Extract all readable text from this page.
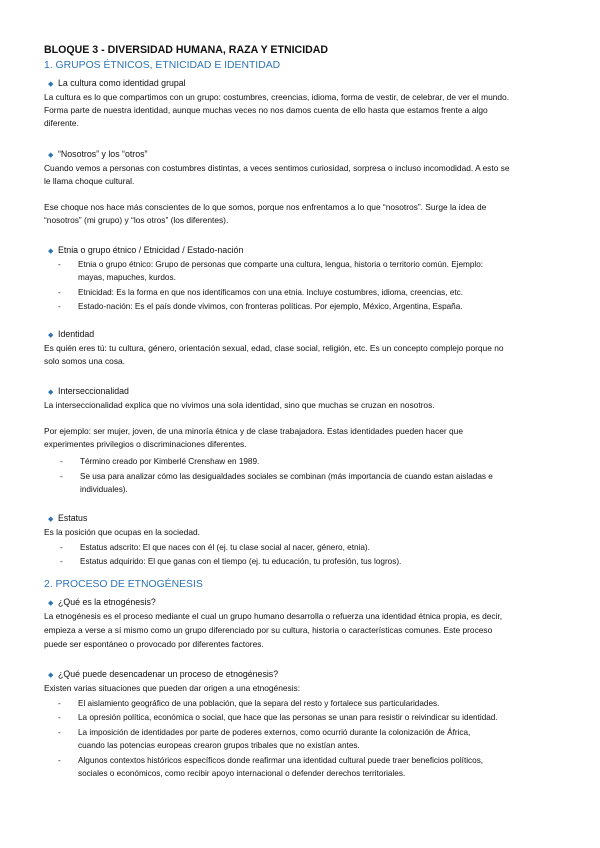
BLOQUE 3 - DIVERSIDAD HUMANA, RAZA Y ETNICIDAD
1. GRUPOS ÉTNICOS, ETNICIDAD E IDENTIDAD
◆ La cultura como identidad grupal
La cultura es lo que compartimos con un grupo: costumbres, creencias, idioma, forma de vestir, de celebrar, de ver el mundo.
Forma parte de nuestra identidad, aunque muchas veces no nos damos cuenta de ello hasta que estamos frente a algo
diferente.
◆ “Nosotros” y los “otros”
Cuando vemos a personas con costumbres distintas, a veces sentimos curiosidad, sorpresa o incluso incomodidad. A esto se
le llama choque cultural.
Ese choque nos hace más conscientes de lo que somos, porque nos enfrentamos a lo que “nosotros”. Surge la idea de
“nosotros” (mi grupo) y “los otros” (los diferentes).
◆ Etnia o grupo étnico / Etnicidad / Estado-nación
- Etnia o grupo étnico: Grupo de personas que comparte una cultura, lengua, historia o territorio común. Ejemplo:
mayas, mapuches, kurdos.
- Etnicidad: Es la forma en que nos identificamos con una etnia. Incluye costumbres, idioma, creencias, etc.
- Estado-nación: Es el país donde vivimos, con fronteras políticas. Por ejemplo, México, Argentina, España.
◆ Identidad
Es quién eres tú: tu cultura, género, orientación sexual, edad, clase social, religión, etc. Es un concepto complejo porque no
solo somos una cosa.
◆ Interseccionalidad
La interseccionalidad explica que no vivimos una sola identidad, sino que muchas se cruzan en nosotros.
Por ejemplo: ser mujer, joven, de una minoría étnica y de clase trabajadora. Estas identidades pueden hacer que
experimentes privilegios o discriminaciones diferentes.
- Término creado por Kimberlé Crenshaw en 1989.
- Se usa para analizar cómo las desigualdades sociales se combinan (más importancia de cuando estan aisladas e
individuales).
◆ Estatus
Es la posición que ocupas en la sociedad.
- Estatus adscrito: El que naces con él (ej. tu clase social al nacer, género, etnia).
- Estatus adquirido: El que ganas con el tiempo (ej. tu educación, tu profesión, tus logros).
2. PROCESO DE ETNOGÉNESIS
◆ ¿Qué es la etnogénesis?
La etnogénesis es el proceso mediante el cual un grupo humano desarrolla o refuerza una identidad étnica propia, es decir,
empieza a verse a sí mismo como un grupo diferenciado por su cultura, historia o características comunes. Este proceso
puede ser espontáneo o provocado por diferentes factores.
◆ ¿Qué puede desencadenar un proceso de etnogénesis?
Existen varias situaciones que pueden dar origen a una etnogénesis:
- El aislamiento geográfico de una población, que la separa del resto y fortalece sus particularidades.
- La opresión política, económica o social, que hace que las personas se unan para resistir o reivindicar su identidad.
- La imposición de identidades por parte de poderes externos, como ocurrió durante la colonización de África,
cuando las potencias europeas crearon grupos tribales que no existían antes.
- Algunos contextos históricos específicos donde reafirmar una identidad cultural puede traer beneficios políticos,
sociales o económicos, como recibir apoyo internacional o defender derechos territoriales.
